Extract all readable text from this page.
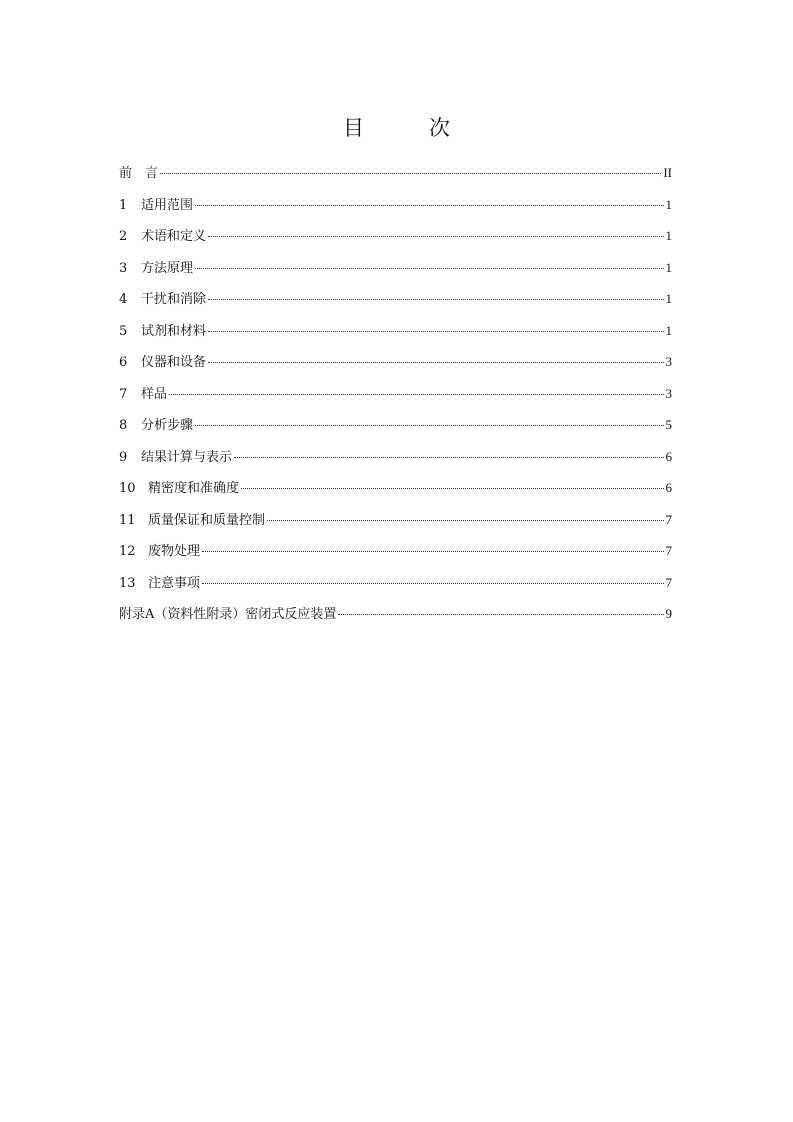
目　次
前　言	II
1	适用范围	1
2	术语和定义	1
3	方法原理	1
4	干扰和消除	1
5	试剂和材料	1
6	仪器和设备	3
7	样品	3
8	分析步骤	5
9	结果计算与表示	6
10 精密度和准确度	6
11 质量保证和质量控制	7
12 废物处理	7
13 注意事项	7
附录A（资料性附录）密闭式反应装置	9
